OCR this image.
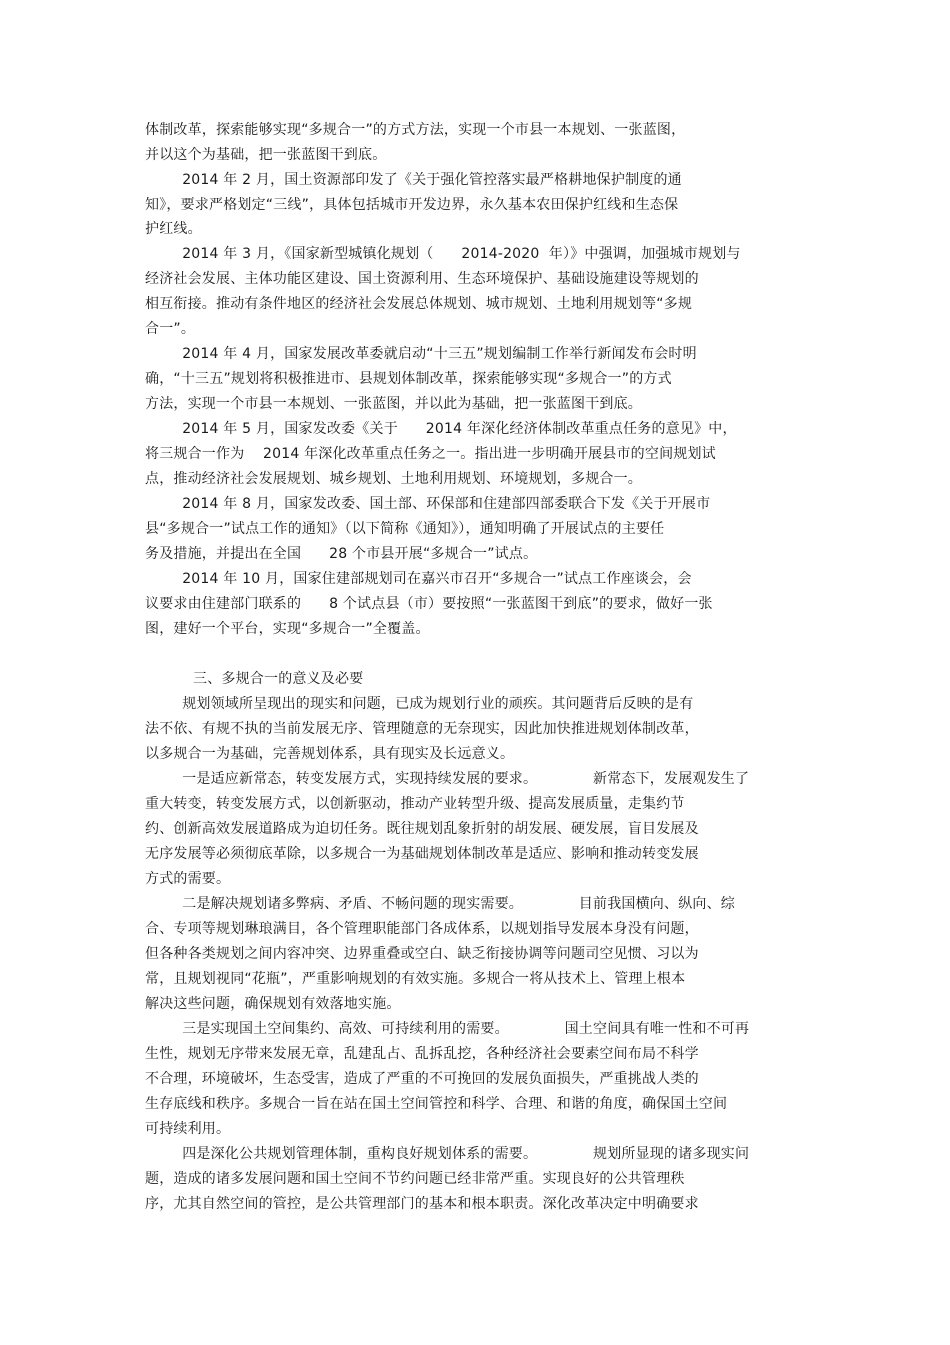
体制改革，探索能够实现“多规合一”的方式方法，实现一个市县一本规划、一张蓝图，
并以这个为基础，把一张蓝图干到底。
2014 年 2 月，国土资源部印发了《关于强化管控落实最严格耕地保护制度的通
知》，要求严格划定“三线”，具体包括城市开发边界，永久基本农田保护红线和生态保
护红线。
2014 年 3 月，《国家新型城镇化规划（      2014-2020  年）》中强调，加强城市规划与
经济社会发展、主体功能区建设、国土资源利用、生态环境保护、基础设施建设等规划的
相互衔接。推动有条件地区的经济社会发展总体规划、城市规划、土地利用规划等“多规
合一”。
2014 年 4 月，国家发展改革委就启动“十三五”规划编制工作举行新闻发布会时明
确，“十三五”规划将积极推进市、县规划体制改革，探索能够实现“多规合一”的方式
方法，实现一个市县一本规划、一张蓝图，并以此为基础，把一张蓝图干到底。
2014 年 5 月，国家发改委《关于      2014 年深化经济体制改革重点任务的意见》中，
将三规合一作为    2014 年深化改革重点任务之一。指出进一步明确开展县市的空间规划试
点，推动经济社会发展规划、城乡规划、土地利用规划、环境规划，多规合一。
2014 年 8 月，国家发改委、国土部、环保部和住建部四部委联合下发《关于开展市
县“多规合一”试点工作的通知》（以下简称《通知》），通知明确了开展试点的主要任
务及措施，并提出在全国      28 个市县开展“多规合一”试点。
2014 年 10 月，国家住建部规划司在嘉兴市召开“多规合一”试点工作座谈会，会
议要求由住建部门联系的      8 个试点县（市）要按照“一张蓝图干到底”的要求，做好一张
图，建好一个平台，实现“多规合一”全覆盖。
三、多规合一的意义及必要
规划领域所呈现出的现实和问题，已成为规划行业的顽疾。其问题背后反映的是有
法不依、有规不执的当前发展无序、管理随意的无奈现实，因此加快推进规划体制改革，
以多规合一为基础，完善规划体系，具有现实及长远意义。
一是适应新常态，转变发展方式，实现持续发展的要求。            新常态下，发展观发生了
重大转变，转变发展方式，以创新驱动，推动产业转型升级、提高发展质量，走集约节
约、创新高效发展道路成为迫切任务。既往规划乱象折射的胡发展、硬发展，盲目发展及
无序发展等必须彻底革除，以多规合一为基础规划体制改革是适应、影响和推动转变发展
方式的需要。
二是解决规划诸多弊病、矛盾、不畅问题的现实需要。            目前我国横向、纵向、综
合、专项等规划琳琅满目，各个管理职能部门各成体系，以规划指导发展本身没有问题，
但各种各类规划之间内容冲突、边界重叠或空白、缺乏衔接协调等问题司空见惯、习以为
常，且规划视同“花瓶”，严重影响规划的有效实施。多规合一将从技术上、管理上根本
解决这些问题，确保规划有效落地实施。
三是实现国土空间集约、高效、可持续利用的需要。            国土空间具有唯一性和不可再
生性，规划无序带来发展无章，乱建乱占、乱拆乱挖，各种经济社会要素空间布局不科学
不合理，环境破坏，生态受害，造成了严重的不可挽回的发展负面损失，严重挑战人类的
生存底线和秩序。多规合一旨在站在国土空间管控和科学、合理、和谐的角度，确保国土空间
可持续利用。
四是深化公共规划管理体制，重构良好规划体系的需要。            规划所显现的诸多现实问
题，造成的诸多发展问题和国土空间不节约问题已经非常严重。实现良好的公共管理秩
序，尤其自然空间的管控，是公共管理部门的基本和根本职责。深化改革决定中明确要求
